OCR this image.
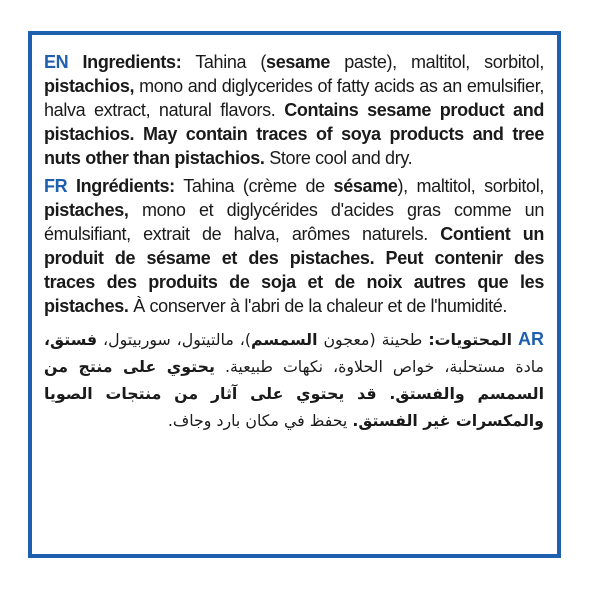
EN Ingredients: Tahina (sesame paste), maltitol, sorbitol, pistachios, mono and diglycerides of fatty acids as an emulsifier, halva extract, natural flavors. Contains sesame product and pistachios. May contain traces of soya products and tree nuts other than pistachios. Store cool and dry.

FR Ingrédients: Tahina (crème de sésame), maltitol, sorbitol, pistaches, mono et diglycérides d'acides gras comme un émulsifiant, extrait de halva, arômes naturels. Contient un produit de sésame et des pistaches. Peut contenir des traces des produits de soja et de noix autres que les pistaches. À conserver à l'abri de la chaleur et de l'humidité.

AR المحتويات: طحينة (معجون السمسم)، مالتيتول، سوربيتول، فستق، مادة مستحلبة، خواص الحلاوة، نكهات طبيعية. يحتوي على منتج من السمسم والفستق. قد يحتوي على آثار من منتجات الصويا والمكسرات غير الفستق. يحفظ في مكان بارد وجاف.
